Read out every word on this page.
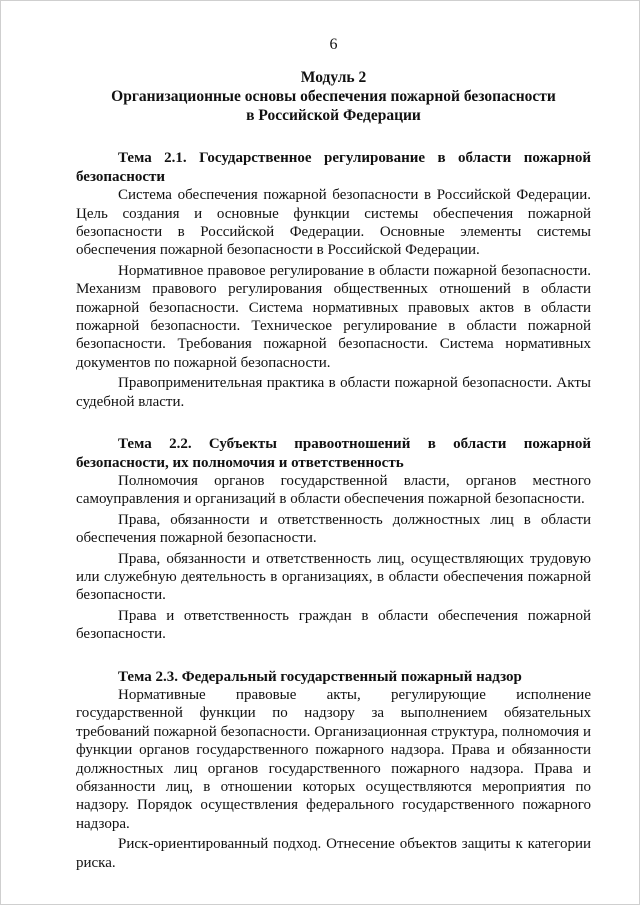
6

Модуль 2

Организационные основы обеспечения пожарной безопасности

в Российской Федерации

Тема 2.1. Государственное регулирование в области пожарной безопасности

Система обеспечения пожарной безопасности в Российской Федерации. Цель создания и основные функции системы обеспечения пожарной безопасности в Российской Федерации. Основные элементы системы обеспечения пожарной безопасности в Российской Федерации.

Нормативное правовое регулирование в области пожарной безопасности. Механизм правового регулирования общественных отношений в области пожарной безопасности. Система нормативных правовых актов в области пожарной безопасности. Техническое регулирование в области пожарной безопасности. Требования пожарной безопасности. Система нормативных документов по пожарной безопасности.

Правоприменительная практика в области пожарной безопасности. Акты судебной власти.

Тема 2.2. Субъекты правоотношений в области пожарной безопасности, их полномочия и ответственность

Полномочия органов государственной власти, органов местного самоуправления и организаций в области обеспечения пожарной безопасности.

Права, обязанности и ответственность должностных лиц в области обеспечения пожарной безопасности.

Права, обязанности и ответственность лиц, осуществляющих трудовую или служебную деятельность в организациях, в области обеспечения пожарной безопасности.

Права и ответственность граждан в области обеспечения пожарной безопасности.

Тема 2.3. Федеральный государственный пожарный надзор

Нормативные правовые акты, регулирующие исполнение государственной функции по надзору за выполнением обязательных требований пожарной безопасности. Организационная структура, полномочия и функции органов государственного пожарного надзора. Права и обязанности должностных лиц органов государственного пожарного надзора. Права и обязанности лиц, в отношении которых осуществляются мероприятия по надзору. Порядок осуществления федерального государственного пожарного надзора.

Риск-ориентированный подход. Отнесение объектов защиты к категории риска.
